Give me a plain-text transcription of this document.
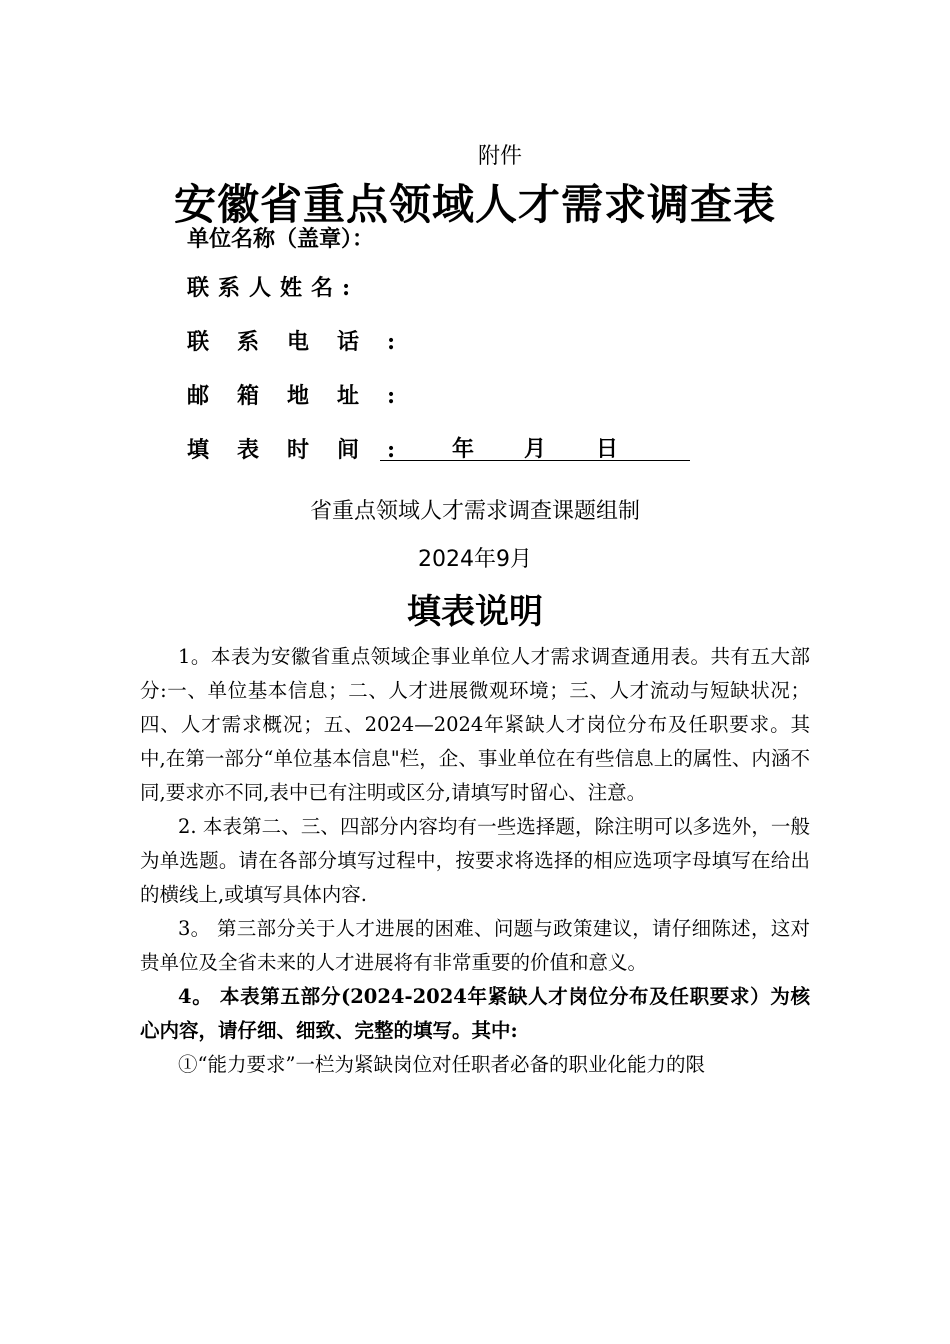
附件
安徽省重点领域人才需求调查表
单位名称（盖章）：
联系人姓名:
联系电话:
邮箱地址:
填表时间:	年 月 日
省重点领域人才需求调查课题组制
2024年9月
填表说明

1。本表为安徽省重点领域企事业单位人才需求调查通用表。共有五大部分:一、单位基本信息；二、人才进展微观环境；三、人才流动与短缺状况；四、人才需求概况；五、2024—2024年紧缺人才岗位分布及任职要求。其中,在第一部分“单位基本信息"栏，企、事业单位在有些信息上的属性、内涵不同,要求亦不同,表中已有注明或区分,请填写时留心、注意。

2. 本表第二、三、四部分内容均有一些选择题，除注明可以多选外，一般为单选题。请在各部分填写过程中，按要求将选择的相应选项字母填写在给出的横线上,或填写具体内容.

3。 第三部分关于人才进展的困难、问题与政策建议，请仔细陈述，这对贵单位及全省未来的人才进展将有非常重要的价值和意义。

4。 本表第五部分(2024-2024年紧缺人才岗位分布及任职要求）为核心内容，请仔细、细致、完整的填写。其中:

①“能力要求”一栏为紧缺岗位对任职者必备的职业化能力的限
